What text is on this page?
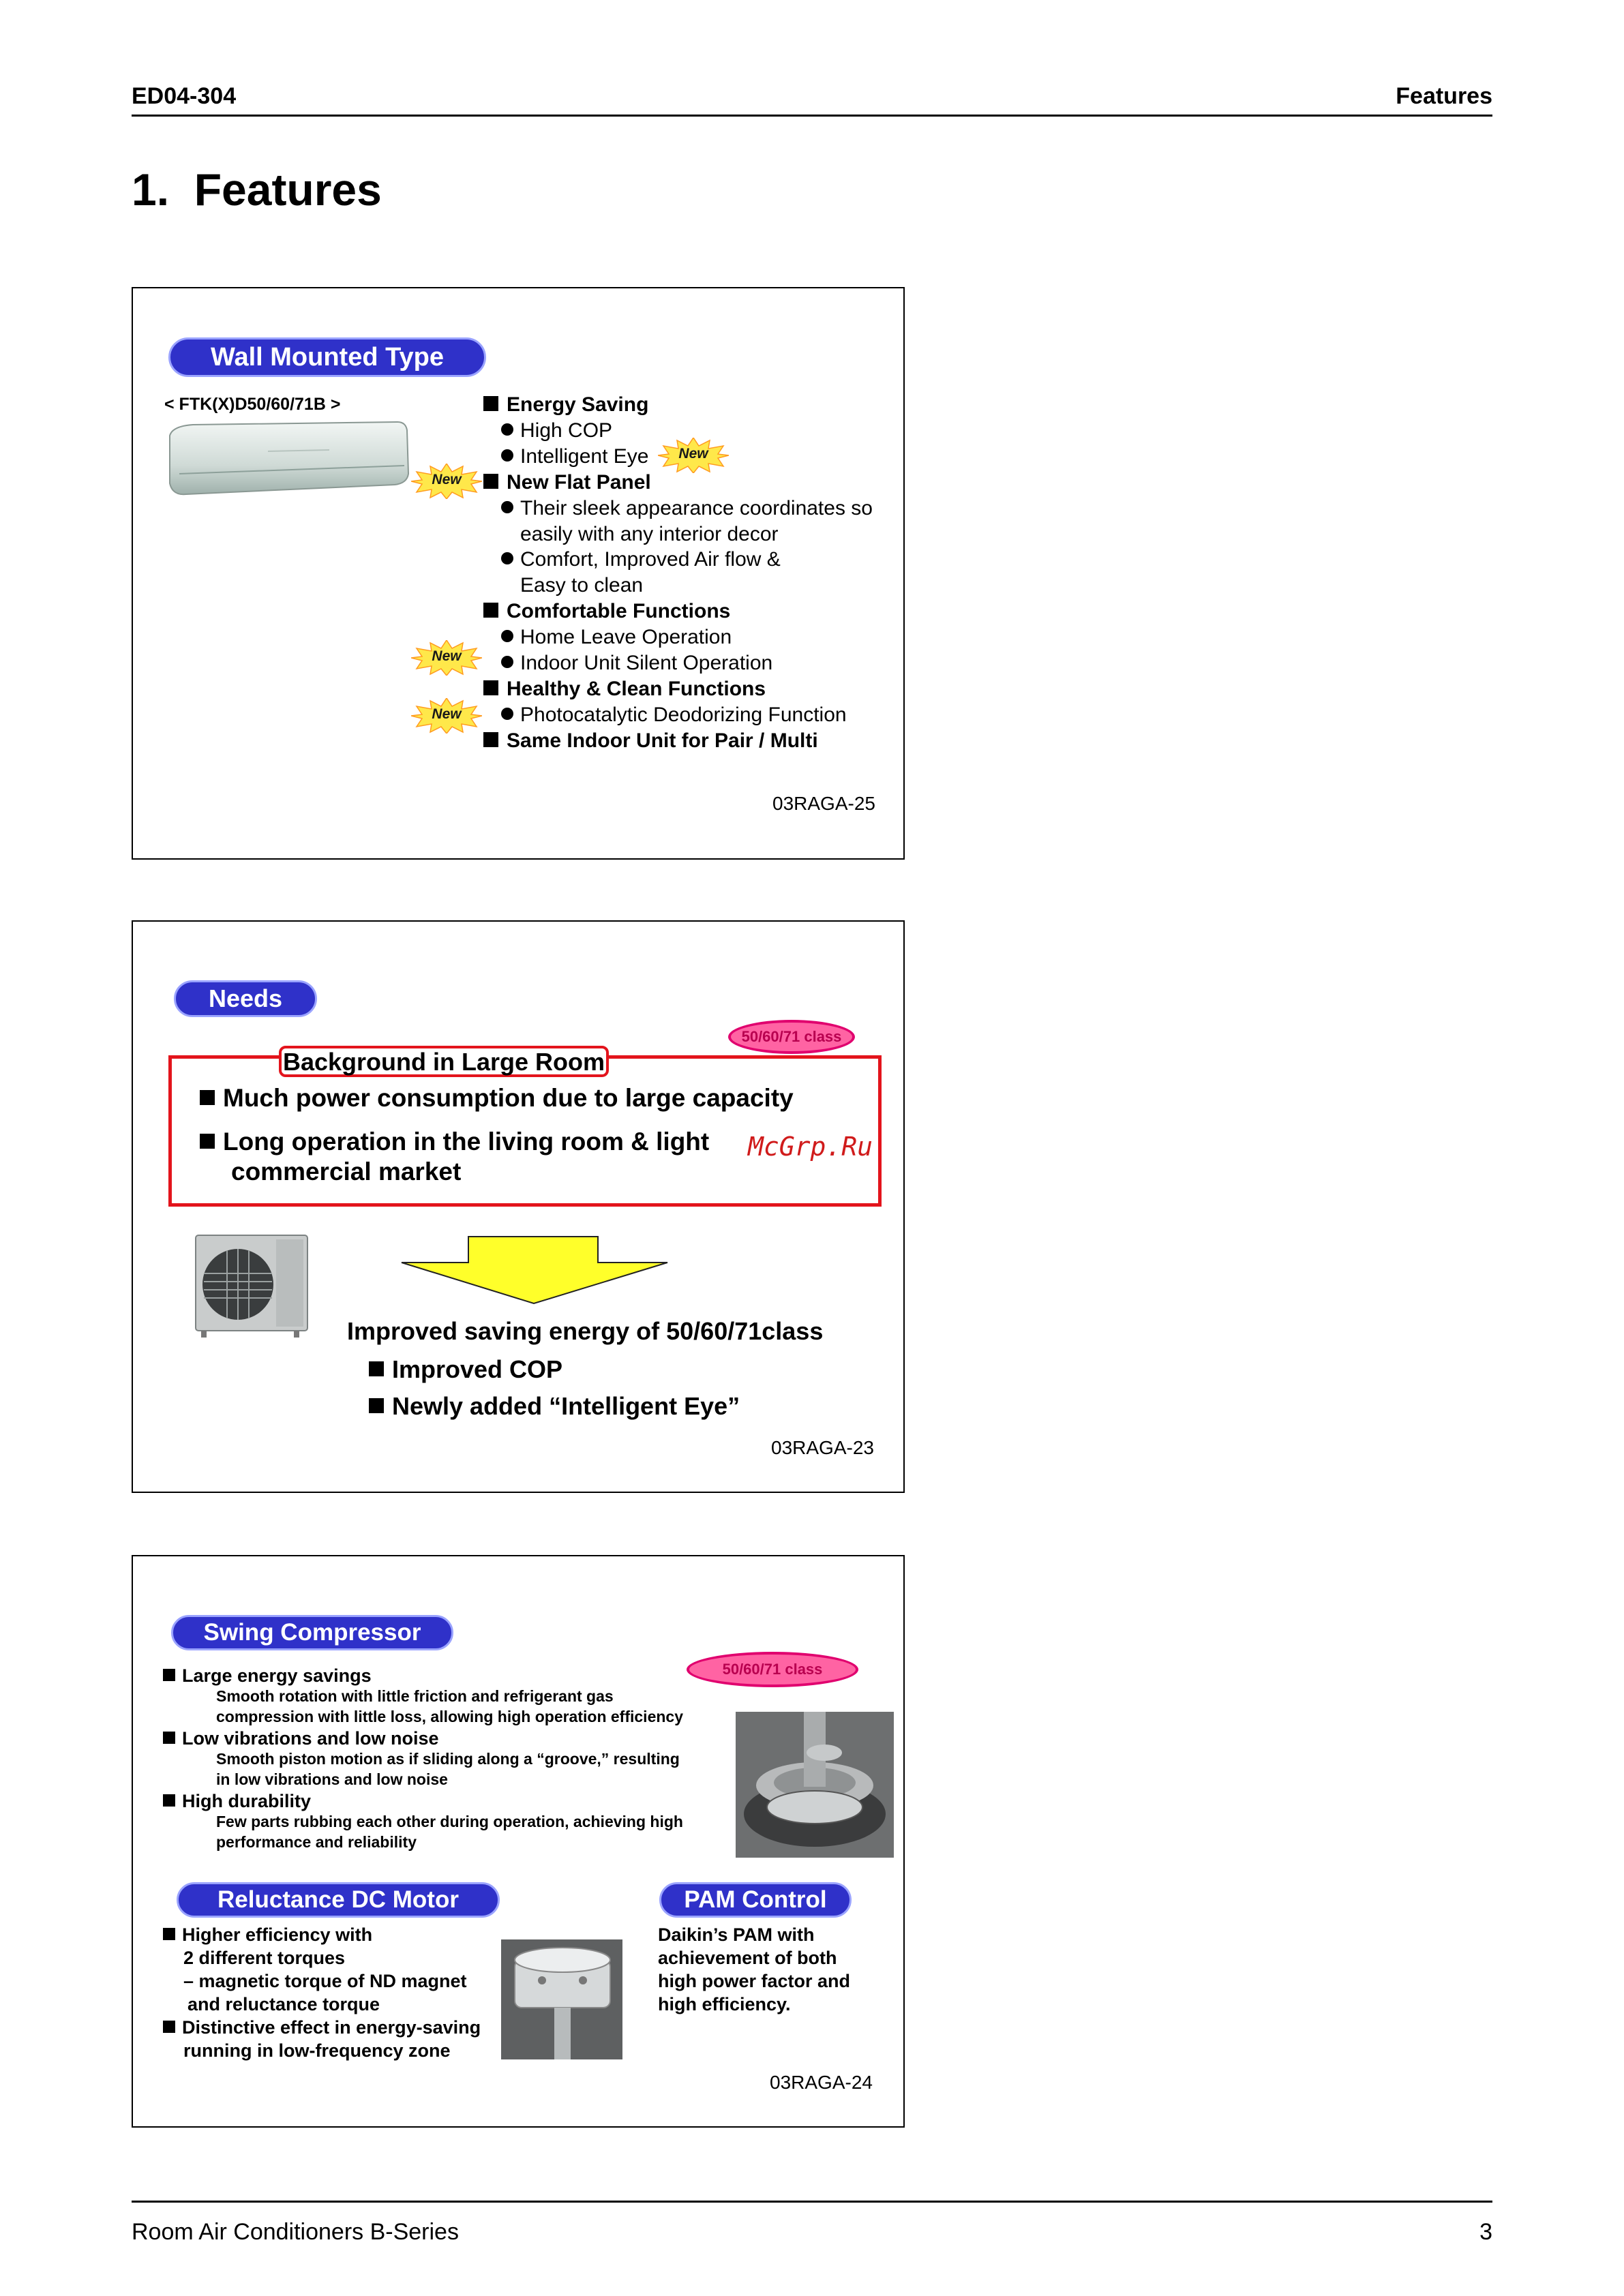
ED04-304	Features
1.  Features
Wall Mounted Type
< FTK(X)D50/60/71B >	Energy Saving
High COP
Intelligent Eye
New Flat Panel
Their sleek appearance coordinates so
easily with any interior decor
Comfort, Improved Air flow &
Easy to clean
Comfortable Functions
Home Leave Operation
Indoor Unit Silent Operation
Healthy & Clean Functions
Photocatalytic Deodorizing Function
Same Indoor Unit for Pair / Multi
New
New
New
New
03RAGA-25
Needs
50/60/71 class
Background in Large Room
Much power consumption due to large capacity
Long operation in the living room & light
commercial market
McGrp.Ru
Improved saving energy of 50/60/71class
Improved COP
Newly added “Intelligent Eye”
03RAGA-23
Swing Compressor
50/60/71 class
Large energy savings
Smooth rotation with little friction and refrigerant gas
compression with little loss, allowing high operation efficiency
Low vibrations and low noise
Smooth piston motion as if sliding along a “groove,” resulting
in low vibrations and low noise
High durability
Few parts rubbing each other during operation, achieving high
performance and reliability
Reluctance DC Motor	PAM Control
Higher efficiency with
2 different torques
– magnetic torque of ND magnet
and reluctance torque
Distinctive effect in energy-saving
running in low-frequency zone
Daikin’s PAM with
achievement of both
high power factor and
high efficiency.
03RAGA-24
Room Air Conditioners B-Series	3
